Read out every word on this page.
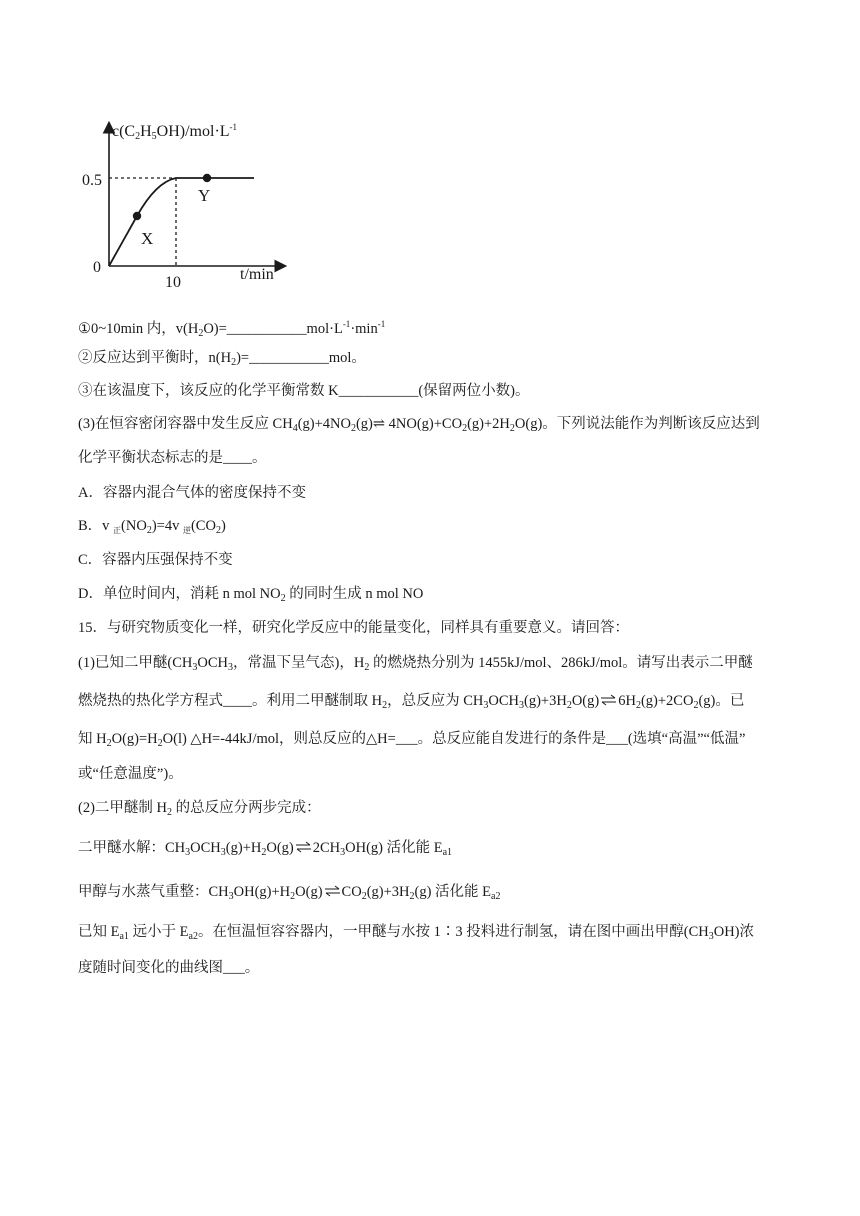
$c(C_2H_5OH)/mol\cdot L^{-1}$
0.5
0
10	t/min
X
Y
①0~10min 内，$v(H_2O)=\_\_\_\_\_\_\_\_\_\_\_mol\cdot L^{-1}\cdot\min^{-1}$
②反应达到平衡时，$n(H_2)=\_\_\_\_\_\_\_\_\_\_\_mol$。
③在该温度下，该反应的化学平衡常数 K___________(保留两位小数)。
(3)在恒容密闭容器中发生反应 $CH_4(g)+4NO_2(g)\rightleftharpoons$ $4NO(g)+CO_2(g)+2H_2O(g)$。下列说法能作为判断该反应达到
化学平衡状态标志的是____。
A．容器内混合气体的密度保持不变
B．v $_正(NO_2)=4v$ $_逆(CO_2)$
C．容器内压强保持不变
D．单位时间内，消耗 n mol $NO_2$ 的同时生成 n mol NO
15．与研究物质变化一样，研究化学反应中的能量变化，同样具有重要意义。请回答：
(1)已知二甲醚($CH_3OCH_3$，常温下呈气态)，$H_2$ 的燃烧热分别为 1455kJ/mol、286kJ/mol。请写出表示二甲醚
燃烧热的热化学方程式____。利用二甲醚制取 $H_2$，总反应为 $CH_3OCH_3(g)+3H_2O(g)\rightleftharpoons 6H_2(g)+2CO_2(g)$。已
知 $H_2O(g)=H_2O(l)$ △H=-44kJ/mol，则总反应的△H=___。总反应能自发进行的条件是___(选填“高温”“低温”
或“任意温度”)。
(2)二甲醚制 $H_2$ 的总反应分两步完成：
二甲醚水解：$CH_3OCH_3(g)+H_2O(g)\rightleftharpoons 2CH_3OH(g)$ 活化能 $E_{a1}$
甲醇与水蒸气重整：$CH_3OH(g)+H_2O(g)\rightleftharpoons CO_2(g)+3H_2(g)$ 活化能 $E_{a2}$
已知 $E_{a1}$ 远小于 $E_{a2}$。在恒温恒容容器内，一甲醚与水按 1∶3 投料进行制氢，请在图中画出甲醇$(CH_3OH)$浓
度随时间变化的曲线图___。
